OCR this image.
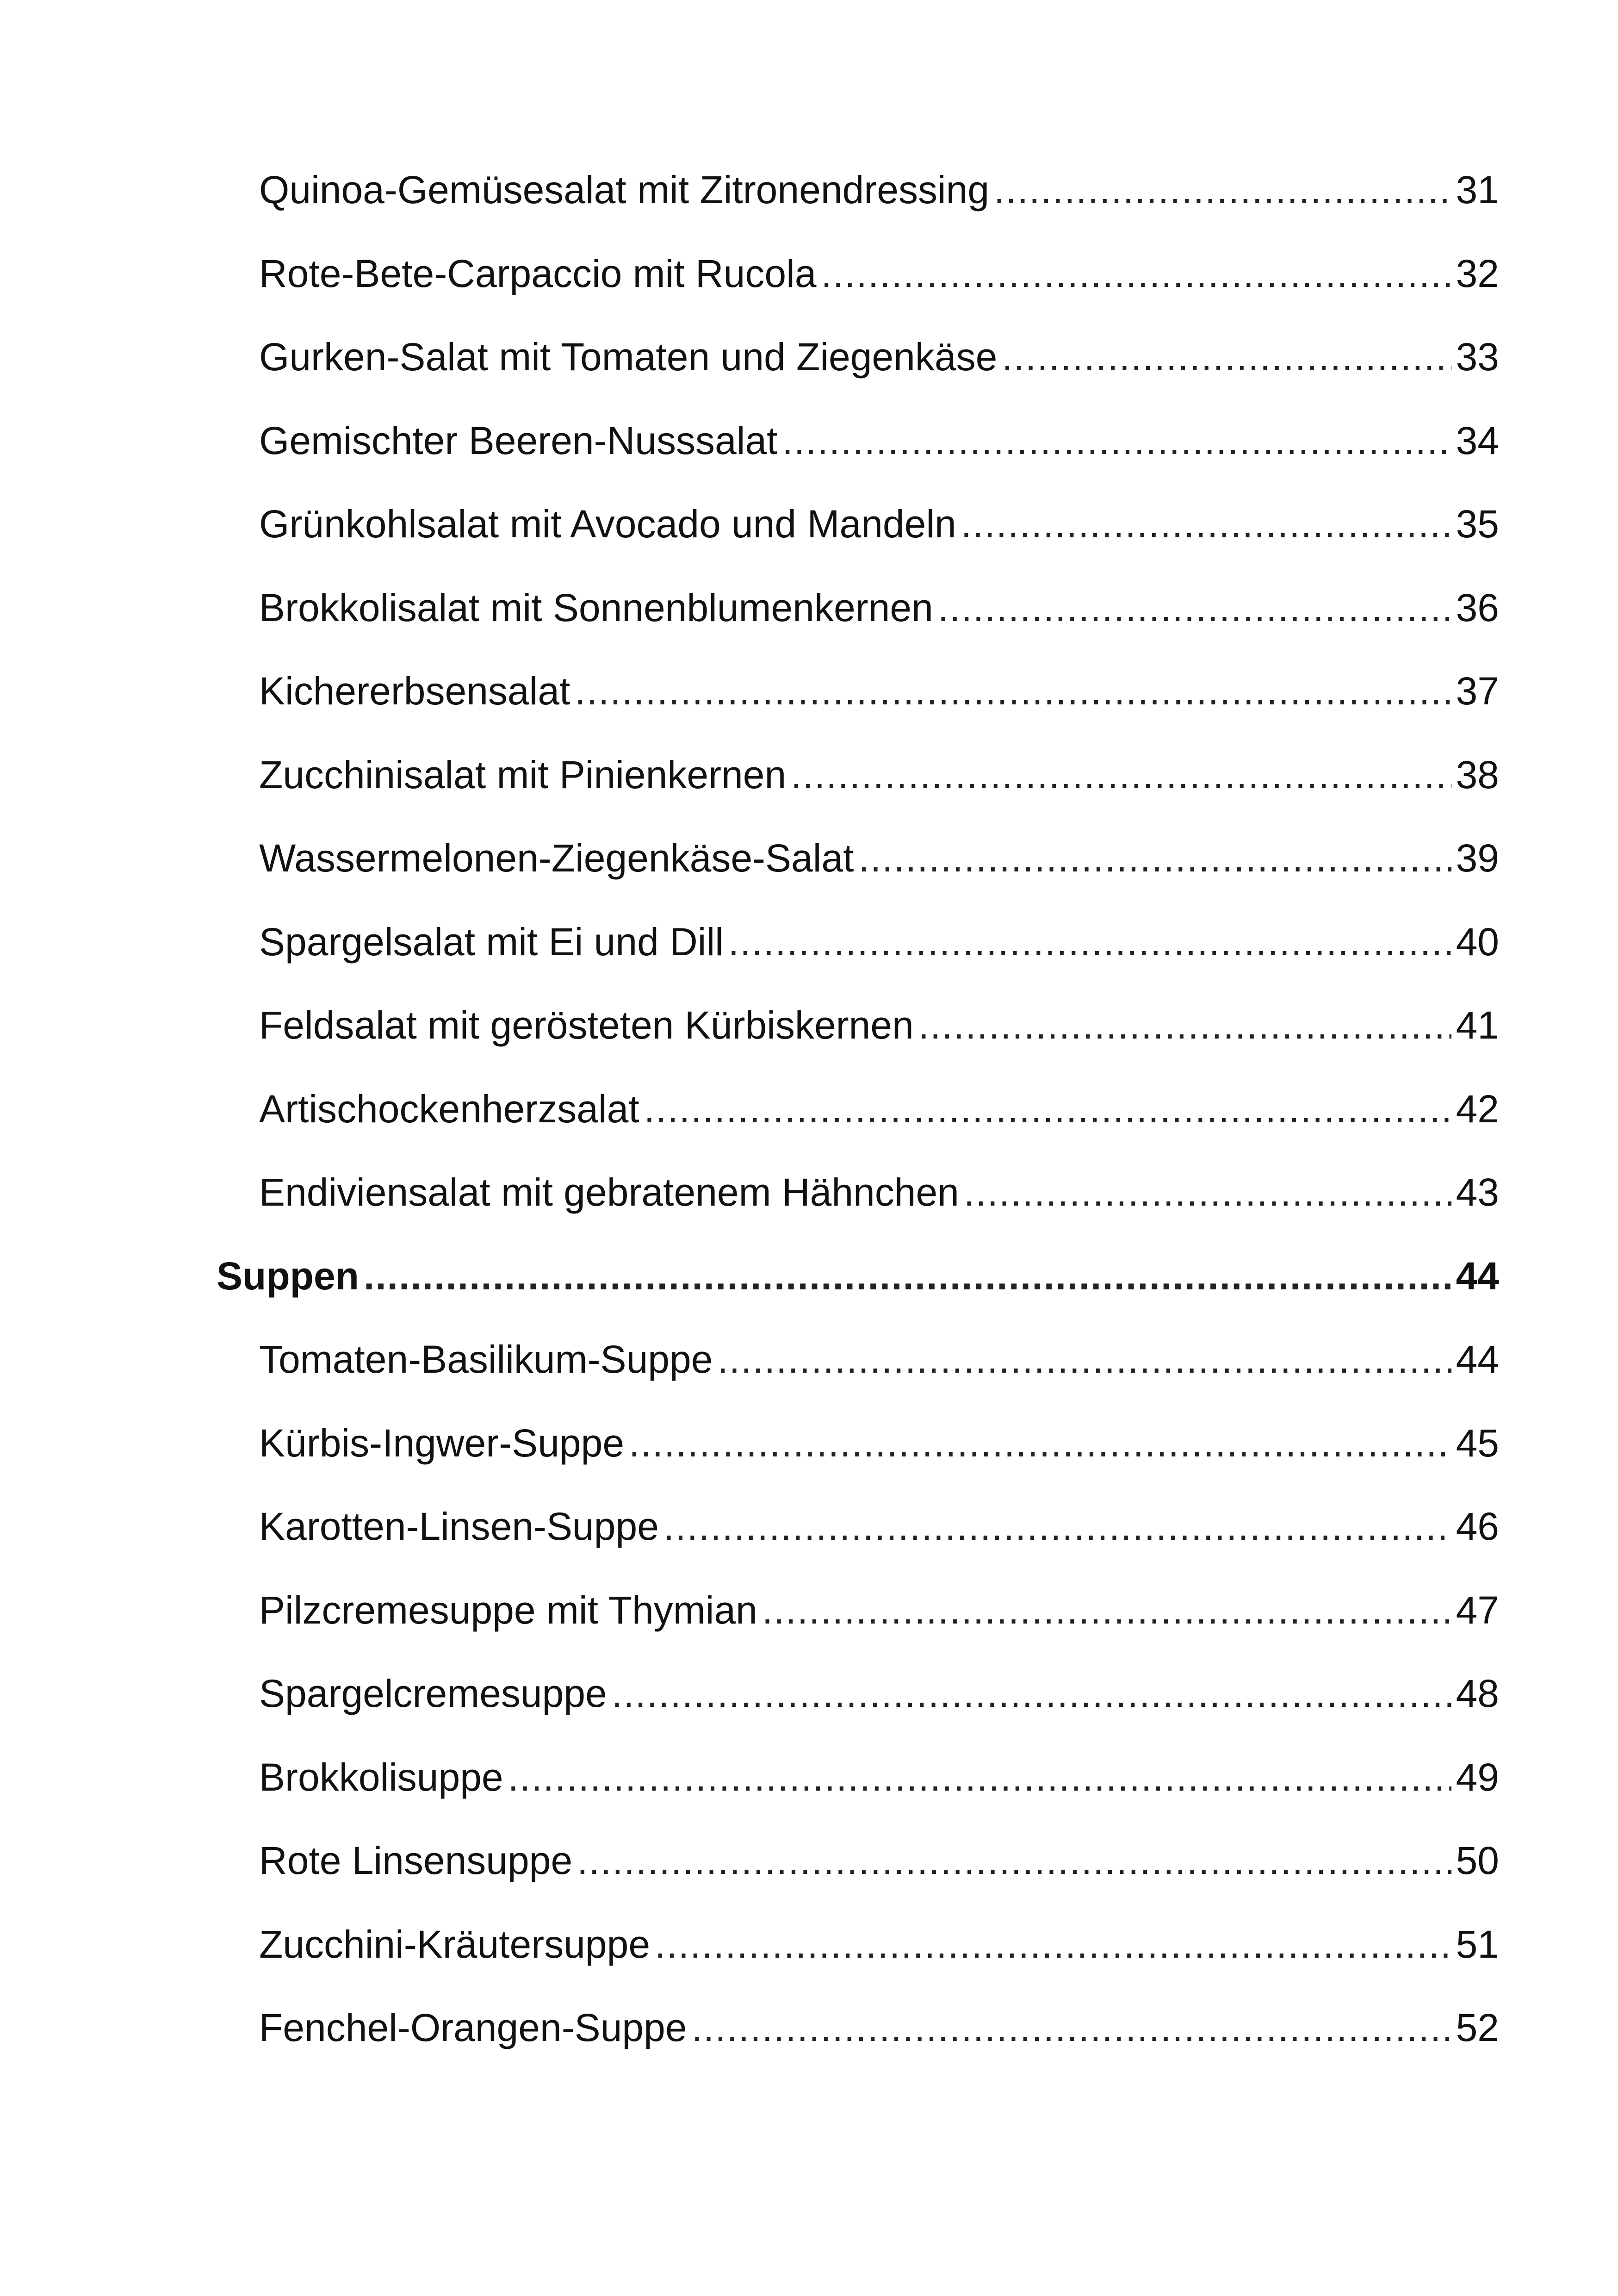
Quinoa-Gemüsesalat mit Zitronendressing .....	31
Rote-Bete-Carpaccio mit Rucola .....	32
Gurken-Salat mit Tomaten und Ziegenkäse .....	33
Gemischter Beeren-Nusssalat .....	34
Grünkohlsalat mit Avocado und Mandeln .....	35
Brokkolisalat mit Sonnenblumenkernen .....	36
Kichererbsensalat .....	37
Zucchinisalat mit Pinienkernen .....	38
Wassermelonen-Ziegenkäse-Salat .....	39
Spargelsalat mit Ei und Dill .....	40
Feldsalat mit gerösteten Kürbiskernen .....	41
Artischockenherzsalat .....	42
Endiviensalat mit gebratenem Hähnchen .....	43
Suppen .....	44
Tomaten-Basilikum-Suppe .....	44
Kürbis-Ingwer-Suppe .....	45
Karotten-Linsen-Suppe .....	46
Pilzcremesuppe mit Thymian .....	47
Spargelcremesuppe .....	48
Brokkolisuppe .....	49
Rote Linsensuppe .....	50
Zucchini-Kräutersuppe .....	51
Fenchel-Orangen-Suppe .....	52
